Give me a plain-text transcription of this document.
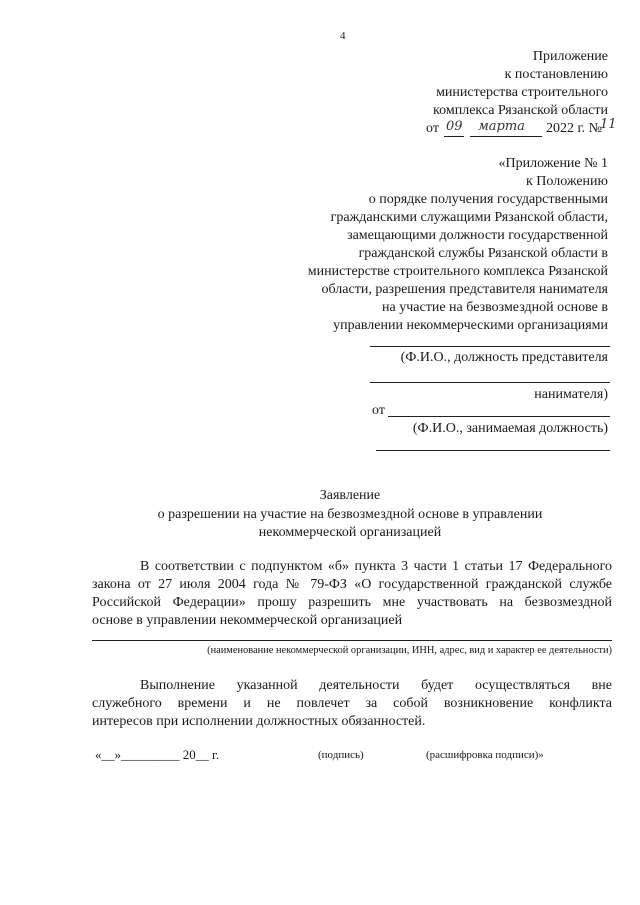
4
Приложение
к постановлению
министерства строительного
комплекса Рязанской области
от 09 марта 2022 г. №
11
«Приложение № 1
к Положению
о порядке получения государственными
гражданскими служащими Рязанской области,
замещающими должности государственной
гражданской службы Рязанской области в
министерстве строительного комплекса Рязанской
области, разрешения представителя нанимателя
на участие на безвозмездной основе в
управлении некоммерческими организациями
(Ф.И.О., должность представителя
нанимателя)
от
(Ф.И.О., занимаемая должность)
Заявление
о разрешении на участие на безвозмездной основе в управлении
некоммерческой организацией
В соответствии с подпунктом «б» пункта 3 части 1 статьи 17 Федерального
закона от 27 июля 2004 года № 79-ФЗ «О государственной гражданской службе
Российской Федерации» прошу разрешить мне участвовать на безвозмездной
основе в управлении некоммерческой организацией
(наименование некоммерческой организации, ИНН, адрес, вид и характер ее деятельности)
Выполнение указанной деятельности будет осуществляться вне
служебного времени и не повлечет за собой возникновение конфликта
интересов при исполнении должностных обязанностей.
«__»_________ 20__ г.	(подпись)	(расшифровка подписи)»
